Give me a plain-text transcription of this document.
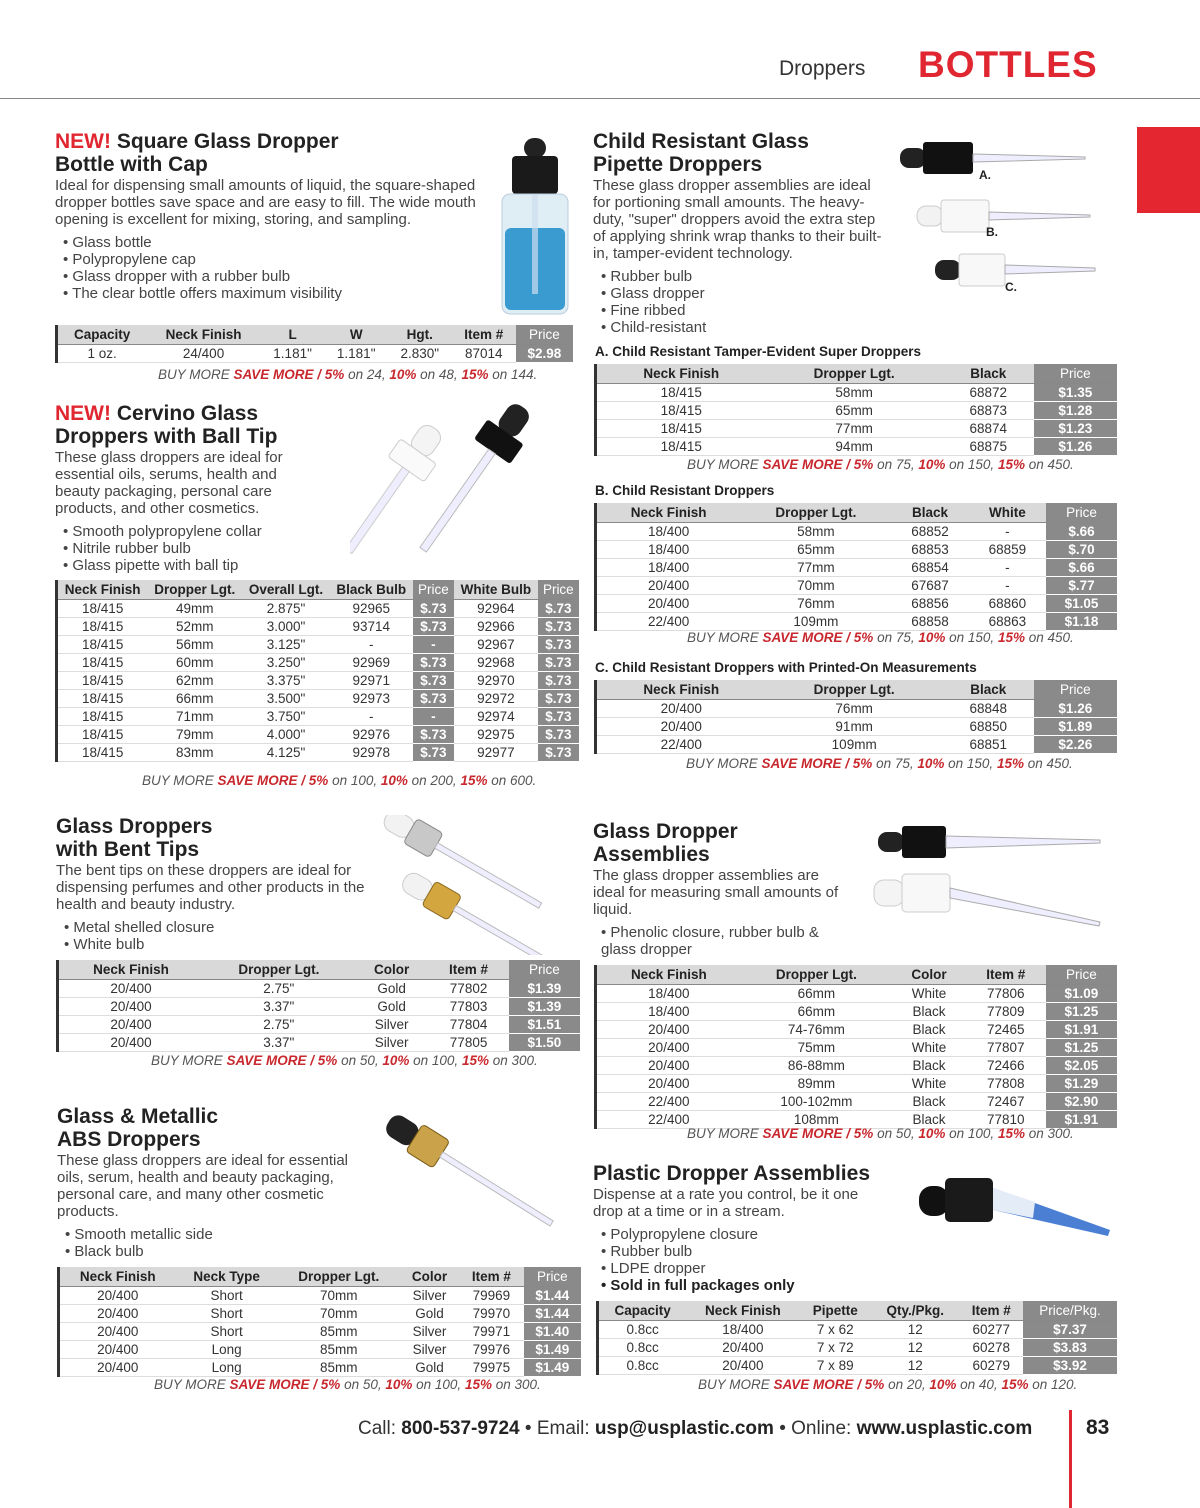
Droppers BOTTLES
NEW! Square Glass Dropper
Bottle with Cap
Ideal for dispensing small amounts of liquid, the square-shaped dropper bottles save space and are easy to fill. The wide mouth opening is excellent for mixing, storing, and sampling.
• Glass bottle
• Polypropylene cap
• Glass dropper with a rubber bulb
• The clear bottle offers maximum visibility
Capacity	Neck Finish	L	W	Hgt.	Item #	Price
1 oz.	24/400	1.181"	1.181"	2.830"	87014	$2.98
BUY MORE SAVE MORE / 5% on 24, 10% on 48, 15% on 144.
NEW! Cervino Glass
Droppers with Ball Tip
These glass droppers are ideal for essential oils, serums, health and beauty packaging, personal care products, and other cosmetics.
• Smooth polypropylene collar
• Nitrile rubber bulb
• Glass pipette with ball tip
Neck Finish	Dropper Lgt.	Overall Lgt.	Black Bulb	Price	White Bulb	Price
18/415	49mm	2.875"	92965	$.73	92964	$.73
18/415	52mm	3.000"	93714	$.73	92966	$.73
18/415	56mm	3.125"	-	-	92967	$.73
18/415	60mm	3.250"	92969	$.73	92968	$.73
18/415	62mm	3.375"	92971	$.73	92970	$.73
18/415	66mm	3.500"	92973	$.73	92972	$.73
18/415	71mm	3.750"	-	-	92974	$.73
18/415	79mm	4.000"	92976	$.73	92975	$.73
18/415	83mm	4.125"	92978	$.73	92977	$.73
BUY MORE SAVE MORE / 5% on 100, 10% on 200, 15% on 600.
Glass Droppers
with Bent Tips
The bent tips on these droppers are ideal for dispensing perfumes and other products in the health and beauty industry.
• Metal shelled closure
• White bulb
Neck Finish	Dropper Lgt.	Color	Item #	Price
20/400	2.75"	Gold	77802	$1.39
20/400	3.37"	Gold	77803	$1.39
20/400	2.75"	Silver	77804	$1.51
20/400	3.37"	Silver	77805	$1.50
BUY MORE SAVE MORE / 5% on 50, 10% on 100, 15% on 300.
Glass & Metallic
ABS Droppers
These glass droppers are ideal for essential oils, serum, health and beauty packaging, personal care, and many other cosmetic products.
• Smooth metallic side
• Black bulb
Neck Finish	Neck Type	Dropper Lgt.	Color	Item #	Price
20/400	Short	70mm	Silver	79969	$1.44
20/400	Short	70mm	Gold	79970	$1.44
20/400	Short	85mm	Silver	79971	$1.40
20/400	Long	85mm	Silver	79976	$1.49
20/400	Long	85mm	Gold	79975	$1.49
BUY MORE SAVE MORE / 5% on 50, 10% on 100, 15% on 300.
Child Resistant Glass
Pipette Droppers
These glass dropper assemblies are ideal for portioning small amounts. The heavy-duty, "super" droppers avoid the extra step of applying shrink wrap thanks to their built-in, tamper-evident technology.
• Rubber bulb
• Glass dropper
• Fine ribbed
• Child-resistant
A.
B.
C.
A. Child Resistant Tamper-Evident Super Droppers
Neck Finish	Dropper Lgt.	Black	Price
18/415	58mm	68872	$1.35
18/415	65mm	68873	$1.28
18/415	77mm	68874	$1.23
18/415	94mm	68875	$1.26
BUY MORE SAVE MORE / 5% on 75, 10% on 150, 15% on 450.
B. Child Resistant Droppers
Neck Finish	Dropper Lgt.	Black	White	Price
18/400	58mm	68852	-	$.66
18/400	65mm	68853	68859	$.70
18/400	77mm	68854	-	$.66
20/400	70mm	67687	-	$.77
20/400	76mm	68856	68860	$1.05
22/400	109mm	68858	68863	$1.18
BUY MORE SAVE MORE / 5% on 75, 10% on 150, 15% on 450.
C. Child Resistant Droppers with Printed-On Measurements
Neck Finish	Dropper Lgt.	Black	Price
20/400	76mm	68848	$1.26
20/400	91mm	68850	$1.89
22/400	109mm	68851	$2.26
BUY MORE SAVE MORE / 5% on 75, 10% on 150, 15% on 450.
Glass Dropper
Assemblies
The glass dropper assemblies are ideal for measuring small amounts of liquid.
• Phenolic closure, rubber bulb & glass dropper
Neck Finish	Dropper Lgt.	Color	Item #	Price
18/400	66mm	White	77806	$1.09
18/400	66mm	Black	77809	$1.25
20/400	74-76mm	Black	72465	$1.91
20/400	75mm	White	77807	$1.25
20/400	86-88mm	Black	72466	$2.05
20/400	89mm	White	77808	$1.29
22/400	100-102mm	Black	72467	$2.90
22/400	108mm	Black	77810	$1.91
BUY MORE SAVE MORE / 5% on 50, 10% on 100, 15% on 300.
Plastic Dropper Assemblies
Dispense at a rate you control, be it one drop at a time or in a stream.
• Polypropylene closure
• Rubber bulb
• LDPE dropper
• Sold in full packages only
Capacity	Neck Finish	Pipette	Qty./Pkg.	Item #	Price/Pkg.
0.8cc	18/400	7 x 62	12	60277	$7.37
0.8cc	20/400	7 x 72	12	60278	$3.83
0.8cc	20/400	7 x 89	12	60279	$3.92
BUY MORE SAVE MORE / 5% on 20, 10% on 40, 15% on 120.
Call: 800-537-9724 • Email: usp@usplastic.com • Online: www.usplastic.com	83
